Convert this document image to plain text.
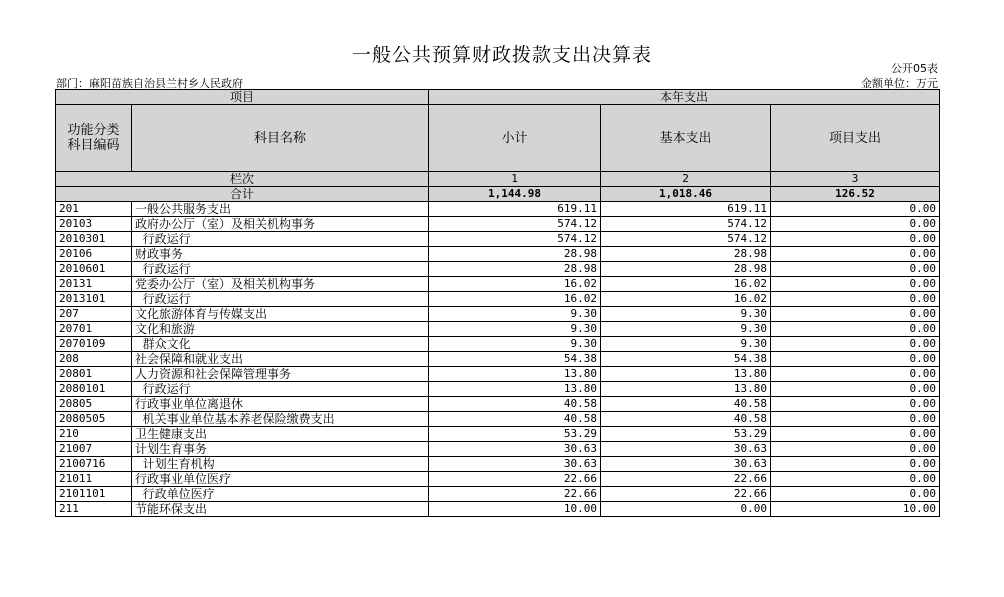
一般公共预算财政拨款支出决算表
公开05表
部门：麻阳苗族自治县兰村乡人民政府	金额单位：万元
项目		本年支出		
功能分类
科目编码	科目名称	小计	基本支出	项目支出
栏次		1	2	3
合计		1,144.98	1,018.46	126.52
201	一般公共服务支出	619.11	619.11	0.00
20103	政府办公厅（室）及相关机构事务	574.12	574.12	0.00
2010301	行政运行	574.12	574.12	0.00
20106	财政事务	28.98	28.98	0.00
2010601	行政运行	28.98	28.98	0.00
20131	党委办公厅（室）及相关机构事务	16.02	16.02	0.00
2013101	行政运行	16.02	16.02	0.00
207	文化旅游体育与传媒支出	9.30	9.30	0.00
20701	文化和旅游	9.30	9.30	0.00
2070109	群众文化	9.30	9.30	0.00
208	社会保障和就业支出	54.38	54.38	0.00
20801	人力资源和社会保障管理事务	13.80	13.80	0.00
2080101	行政运行	13.80	13.80	0.00
20805	行政事业单位离退休	40.58	40.58	0.00
2080505	机关事业单位基本养老保险缴费支出	40.58	40.58	0.00
210	卫生健康支出	53.29	53.29	0.00
21007	计划生育事务	30.63	30.63	0.00
2100716	计划生育机构	30.63	30.63	0.00
21011	行政事业单位医疗	22.66	22.66	0.00
2101101	行政单位医疗	22.66	22.66	0.00
211	节能环保支出	10.00	0.00	10.00
